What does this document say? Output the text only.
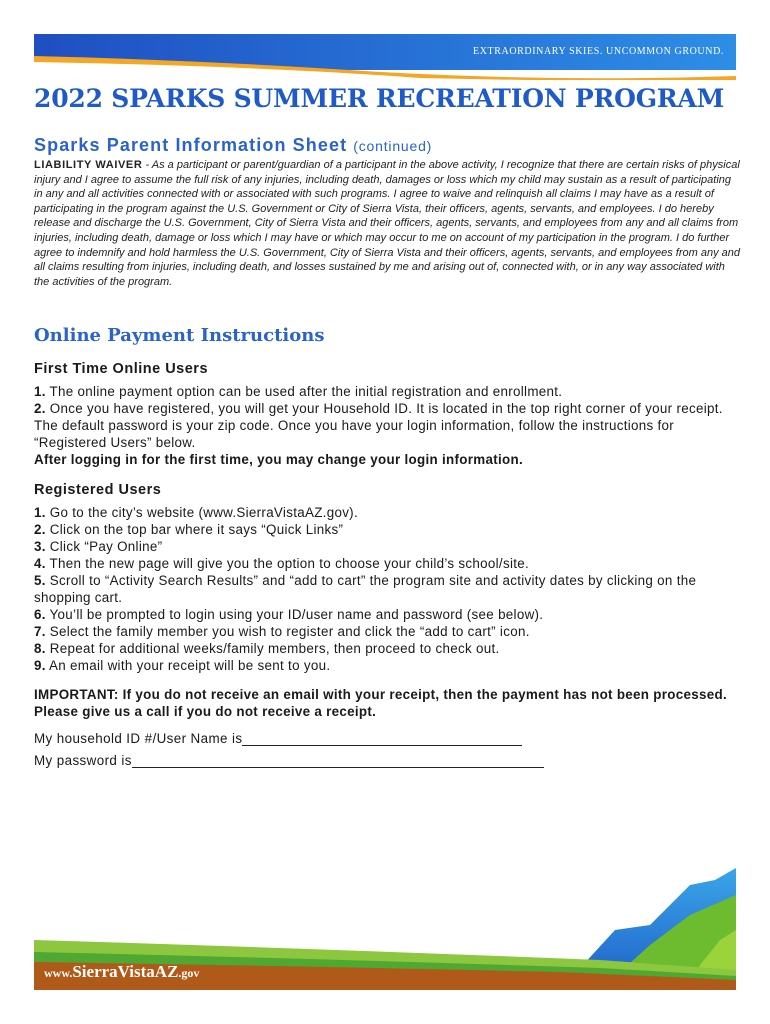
EXTRAORDINARY SKIES. UNCOMMON GROUND.
2022 SPARKS SUMMER RECREATION PROGRAM
Sparks Parent Information Sheet (continued)

LIABILITY WAIVER - As a participant or parent/guardian of a participant in the above activity, I recognize that there are certain risks of physical injury and I agree to assume the full risk of any injuries, including death, damages or loss which my child may sustain as a result of participating in any and all activities connected with or associated with such programs. I agree to waive and relinquish all claims I may have as a result of participating in the program against the U.S. Government or City of Sierra Vista, their officers, agents, servants, and employees. I do hereby release and discharge the U.S. Government, City of Sierra Vista and their officers, agents, servants, and employees from any and all claims from injuries, including death, damage or loss which I may have or which may occur to me on account of my participation in the program. I do further agree to indemnify and hold harmless the U.S. Government, City of Sierra Vista and their officers, agents, servants, and employees from any and all claims resulting from injuries, including death, and losses sustained by me and arising out of, connected with, or in any way associated with the activities of the program.

Online Payment Instructions

First Time Online Users

1. The online payment option can be used after the initial registration and enrollment.

2. Once you have registered, you will get your Household ID. It is located in the top right corner of your receipt. The default password is your zip code. Once you have your login information, follow the instructions for “Registered Users” below.

After logging in for the first time, you may change your login information.

Registered Users

1. Go to the city’s website (www.SierraVistaAZ.gov).

2. Click on the top bar where it says “Quick Links”

3. Click “Pay Online”

4. Then the new page will give you the option to choose your child’s school/site.

5. Scroll to “Activity Search Results” and “add to cart” the program site and activity dates by clicking on the shopping cart.

6. You’ll be prompted to login using your ID/user name and password (see below).

7. Select the family member you wish to register and click the “add to cart” icon.

8. Repeat for additional weeks/family members, then proceed to check out.

9. An email with your receipt will be sent to you.

IMPORTANT: If you do not receive an email with your receipt, then the payment has not been processed. Please give us a call if you do not receive a receipt.

My household ID #/User Name is
My password is
www.SierraVistaAZ.gov
